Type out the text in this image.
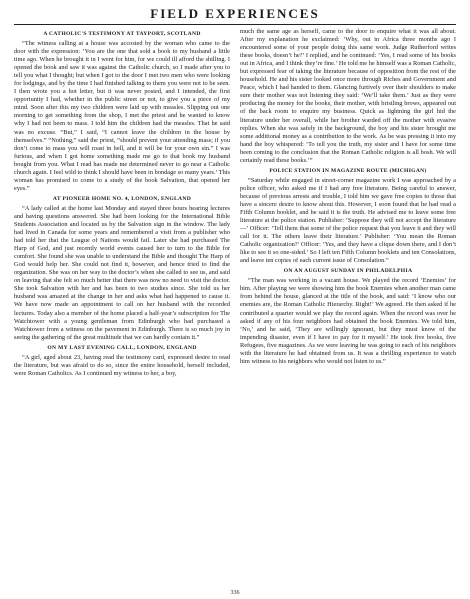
FIELD EXPERIENCES
A CATHOLIC'S TESTIMONY AT TAYPORT, SCOTLAND

“The witness calling at a house was accosted by the woman who came to the door with the expression: ‘You are the one that sold a book to my husband a little time ago. When he brought it in I went for him, for we could ill afford the shilling. I opened the book and saw it was against the Catholic church, so I made after you to tell you what I thought; but when I got to the door I met two men who were looking for lodgings, and by the time I had finished talking to them you were not to be seen. I then wrote you a hot letter, but it was never posted, and I intended, the first opportunity I had, whether in the public street or not, to give you a piece of my mind. Soon after this my two children were laid up with measles. Slipping out one morning to get something from the shop, I met the priest and he wanted to know why I had not been to mass. I told him the children had the measles. That he said was no excuse. “But,” I said, “I cannot leave the children in the house by themselves.” “Nothing,” said the priest, “should prevent your attending mass; if you don’t come to mass you will roast in hell, and it will be for your own sin.” I was furious, and when I got home something made me go to that book my husband bought from you. What I read has made me determined never to go near a Catholic church again. I feel wild to think I should have been in bondage so many years.’ This woman has promised to come to a study of the book Salvation, that opened her eyes.”

AT PIONEER HOME NO. 4, LONDON, ENGLAND

“A lady called at the home last Monday and stayed three hours hearing lectures and having questions answered. She had been looking for the International Bible Students Association and located us by the Salvation sign in the window. The lady had lived in Canada for some years and remembered a visit from a publisher who had told her that the League of Nations would fail. Later she had purchased The Harp of God, and just recently world events caused her to turn to the Bible for comfort. She found she was unable to understand the Bible and thought The Harp of God would help her. She could not find it, however, and hence tried to find the organization. She was on her way to the doctor’s when she called to see us, and said on leaving that she felt so much better that there was now no need to visit the doctor. She took Salvation with her and has been to two studies since. She told us her husband was amazed at the change in her and asks what had happened to cause it. We have now made an appointment to call on her husband with the recorded lectures. Today also a member of the home placed a half-year’s subscription for The Watchtower with a young gentleman from Edinburgh who had purchased a Watchtower from a witness on the pavement in Edinburgh. There is so much joy in seeing the gathering of the great multitude that we can hardly contain it.”

ON MY LAST EVENING CALL, LONDON, ENGLAND

“A girl, aged about 23, having read the testimony card, expressed desire to read the literature, but was afraid to do so, since the entire household, herself included, were Roman Catholics. As I continued my witness to her, a boy,

much the same age as herself, came to the door to enquire what it was all about. After my explanation he exclaimed: ‘Why, out in Africa three months ago I encountered some of your people doing this same work. Judge Rutherford writes these books, doesn’t he?’ I replied, and he continued: ‘Yes, I read some of his books out in Africa, and I think they’re fine.’ He told me he himself was a Roman Catholic, but expressed fear of taking the literature because of opposition from the rest of the household. He and his sister looked once more through Riches and Government and Peace, which I had handed to them. Glancing furtively over their shoulders to make sure their mother was not listening they said: ‘We’ll take them.’ Just as they were producing the money for the books, their mother, with bristling brows, appeared out of the back room to enquire my business. Quick as lightning the girl hid the literature under her overall, while her brother warded off the mother with evasive replies. When she was safely in the background, the boy and his sister brought me some additional money as a contribution to the work. As he was pressing it into my hand the boy whispered: ‘To tell you the truth, my sister and I have for some time been coming to the conclusion that the Roman Catholic religion is all bosh. We will certainly read these books.’”

POLICE STATION IN MAGAZINE ROUTE (MICHIGAN)

“Saturday while engaged in street-corner magazine work I was approached by a police officer, who asked me if I had any free literature. Being careful to answer, because of previous arrests and trouble, I told him we gave free copies to those that have a sincere desire to know about this. However, I soon found that he had read a Fifth Column booklet, and he said it is the truth. He advised me to leave some free literature at the police station. Publisher: ‘Suppose they will not accept the literature—’ Officer: ‘Tell them that some of the police request that you leave it and they will call for it. The others leave their literature.’ Publisher: ‘You mean the Roman Catholic organization?’ Officer: ‘Yes, and they have a clique down there, and I don’t like to see it so one-sided.’ So I left ten Fifth Column booklets and ten Consolations, and leave ten copies of each current issue of Consolation.”

ON AN AUGUST SUNDAY IN PHILADELPHIA

“The man was working in a vacant house. We played the record ‘Enemies’ for him. After playing we were showing him the book Enemies when another man came from behind the house, glanced at the title of the book, and said: ‘I know who our enemies are, the Roman Catholic Hierarchy. Right!’ We agreed. He then asked if he contributed a quarter would we play the record again. When the record was over he asked if any of his four neighbors had obtained the book Enemies. We told him, ‘No,’ and he said, ‘They are willingly ignorant, but they must know of the impending disaster, even if I have to pay for it myself.’ He took five books, five Refugees, five magazines. As we were leaving he was going to each of his neighbors with the literature he had obtained from us. It was a thrilling experience to watch him witness to his neighbors who would not listen to us.”

336
